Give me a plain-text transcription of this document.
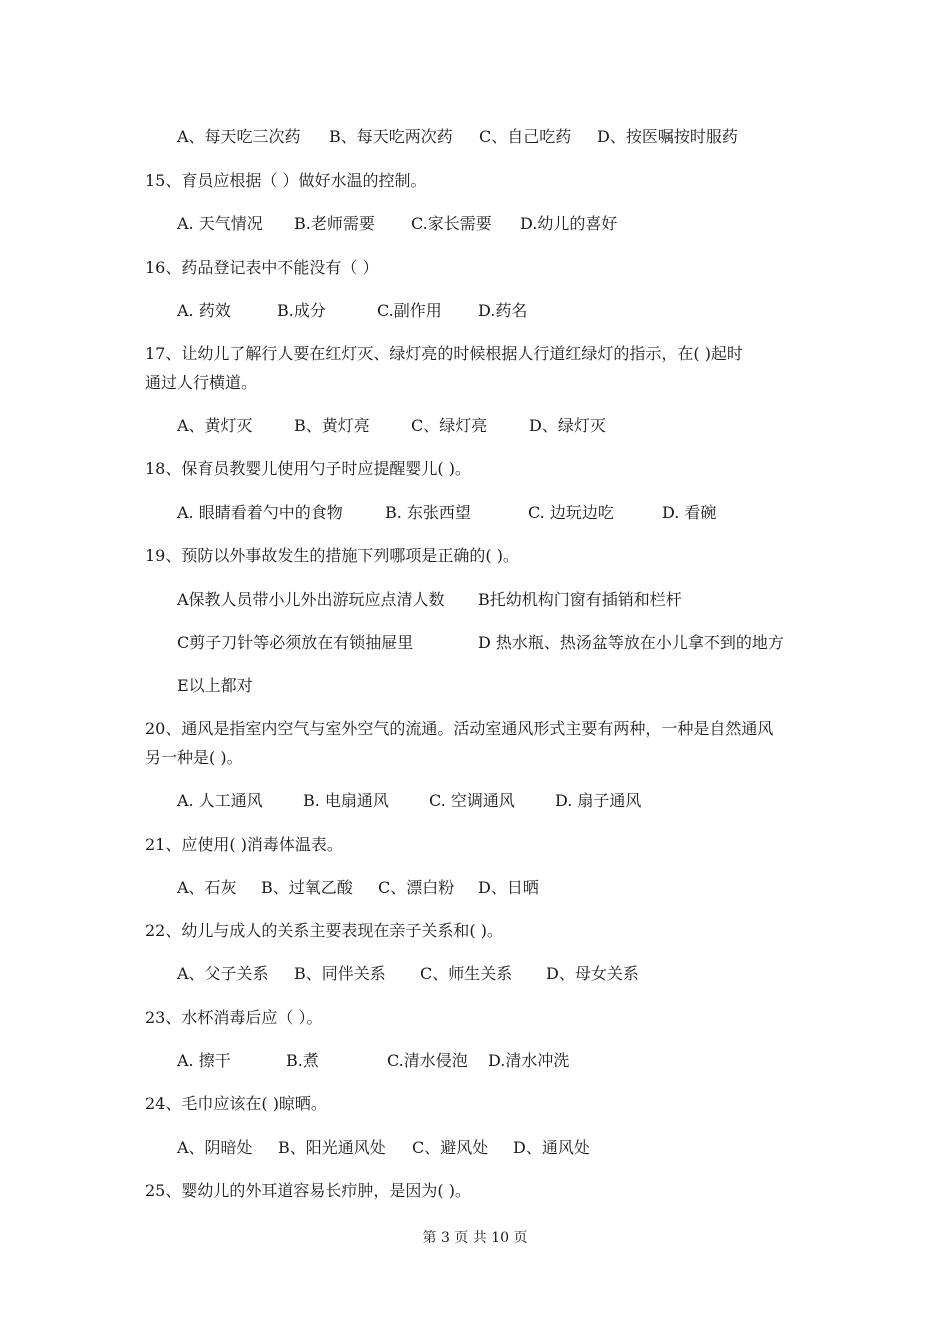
A、每天吃三次药 B、每天吃两次药 C、自己吃药 D、按医嘱按时服药
15、育员应根据（ ）做好水温的控制。
A. 天气情况 B.老师需要 C.家长需要 D.幼儿的喜好
16、药品登记表中不能没有（ ）
A. 药效	B.成分	C.副作用 D.药名
17、让幼儿了解行人要在红灯灭、绿灯亮的时候根据人行道红绿灯的指示，在( )起时
通过人行横道。
A、黄灯灭	B、黄灯亮	C、绿灯亮	D、绿灯灭
18、保育员教婴儿使用勺子时应提醒婴儿( )。
A. 眼睛看着勺中的食物	B. 东张西望	C. 边玩边吃	D. 看碗
19、预防以外事故发生的措施下列哪项是正确的( )。
A保教人员带小儿外出游玩应点清人数 B托幼机构门窗有插销和栏杆
C剪子刀针等必须放在有锁抽屉里	D 热水瓶、热汤盆等放在小儿拿不到的地方
E以上都对
20、通风是指室内空气与室外空气的流通。活动室通风形式主要有两种，一种是自然通风
另一种是( )。
A. 人工通风	B. 电扇通风	C. 空调通风	D. 扇子通风
21、应使用( )消毒体温表。
A、石灰 B、过氧乙酸 C、漂白粉 D、日晒
22、幼儿与成人的关系主要表现在亲子关系和( )。
A、父子关系 B、同伴关系 C、师生关系 D、母女关系
23、水杯消毒后应（ ）。
A. 擦干	B.煮	C.清水侵泡 D.清水冲洗
24、毛巾应该在( )晾晒。
A、阴暗处 B、阳光通风处 C、避风处 D、通风处
25、婴幼儿的外耳道容易长疖肿，是因为( )。
第 3 页 共 10 页
